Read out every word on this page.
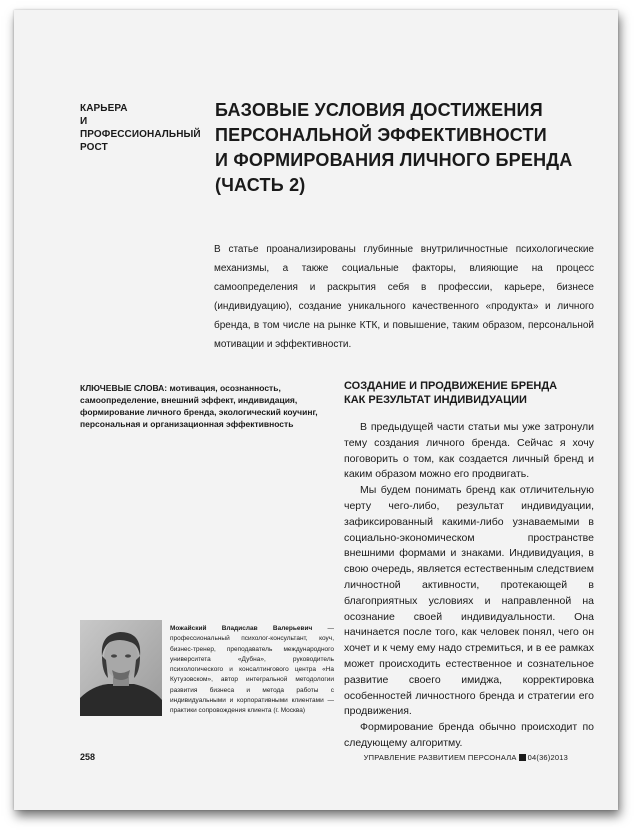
КАРЬЕРА
И ПРОФЕССИОНАЛЬНЫЙ
РОСТ
БАЗОВЫЕ УСЛОВИЯ ДОСТИЖЕНИЯ
ПЕРСОНАЛЬНОЙ ЭФФЕКТИВНОСТИ
И ФОРМИРОВАНИЯ ЛИЧНОГО БРЕНДА
(ЧАСТЬ 2)
В статье проанализированы глубинные внутриличностные психологические механизмы, а также социальные факторы, влияющие на процесс самоопределения и раскрытия себя в профессии, карьере, бизнесе (индивидуацию), создание уникального качественного «продукта» и личного бренда, в том числе на рынке КТК, и повышение, таким образом, персональной мотивации и эффективности.
КЛЮЧЕВЫЕ СЛОВА: мотивация, осознанность, самоопределение, внешний эффект, индивидация, формирование личного бренда, экологический коучинг, персональная и организационная эффективность
СОЗДАНИЕ И ПРОДВИЖЕНИЕ БРЕНДА
КАК РЕЗУЛЬТАТ ИНДИВИДУАЦИИ

В предыдущей части статьи мы уже затронули тему создания личного бренда. Сейчас я хочу поговорить о том, как создается личный бренд и каким образом можно его продвигать.

Мы будем понимать бренд как отличительную черту чего-либо, результат индивидуации, зафиксированный какими-либо узнаваемыми в социально-экономическом пространстве внешними формами и знаками. Индивидуация, в свою очередь, является естественным следствием личностной активности, протекающей в благоприятных условиях и направленной на осознание своей индивидуальности. Она начинается после того, как человек понял, чего он хочет и к чему ему надо стремиться, и в ее рамках может происходить естественное и сознательное развитие своего имиджа, корректировка особенностей личностного бренда и стратегии его продвижения.

Формирование бренда обычно происходит по следующему алгоритму.

Можайский Владислав Валерьевич — профессиональный психолог-консультант, коуч, бизнес-тренер, преподаватель международного университета «Дубна», руководитель психологического и консалтингового центра «На Кутузовском», автор интегральной методологии развития бизнеса и метода работы с индивидуальными и корпоративными клиентами — практики сопровождения клиента (г. Москва)
258	УПРАВЛЕНИЕ РАЗВИТИЕМ ПЕРСОНАЛА 04(36)2013
